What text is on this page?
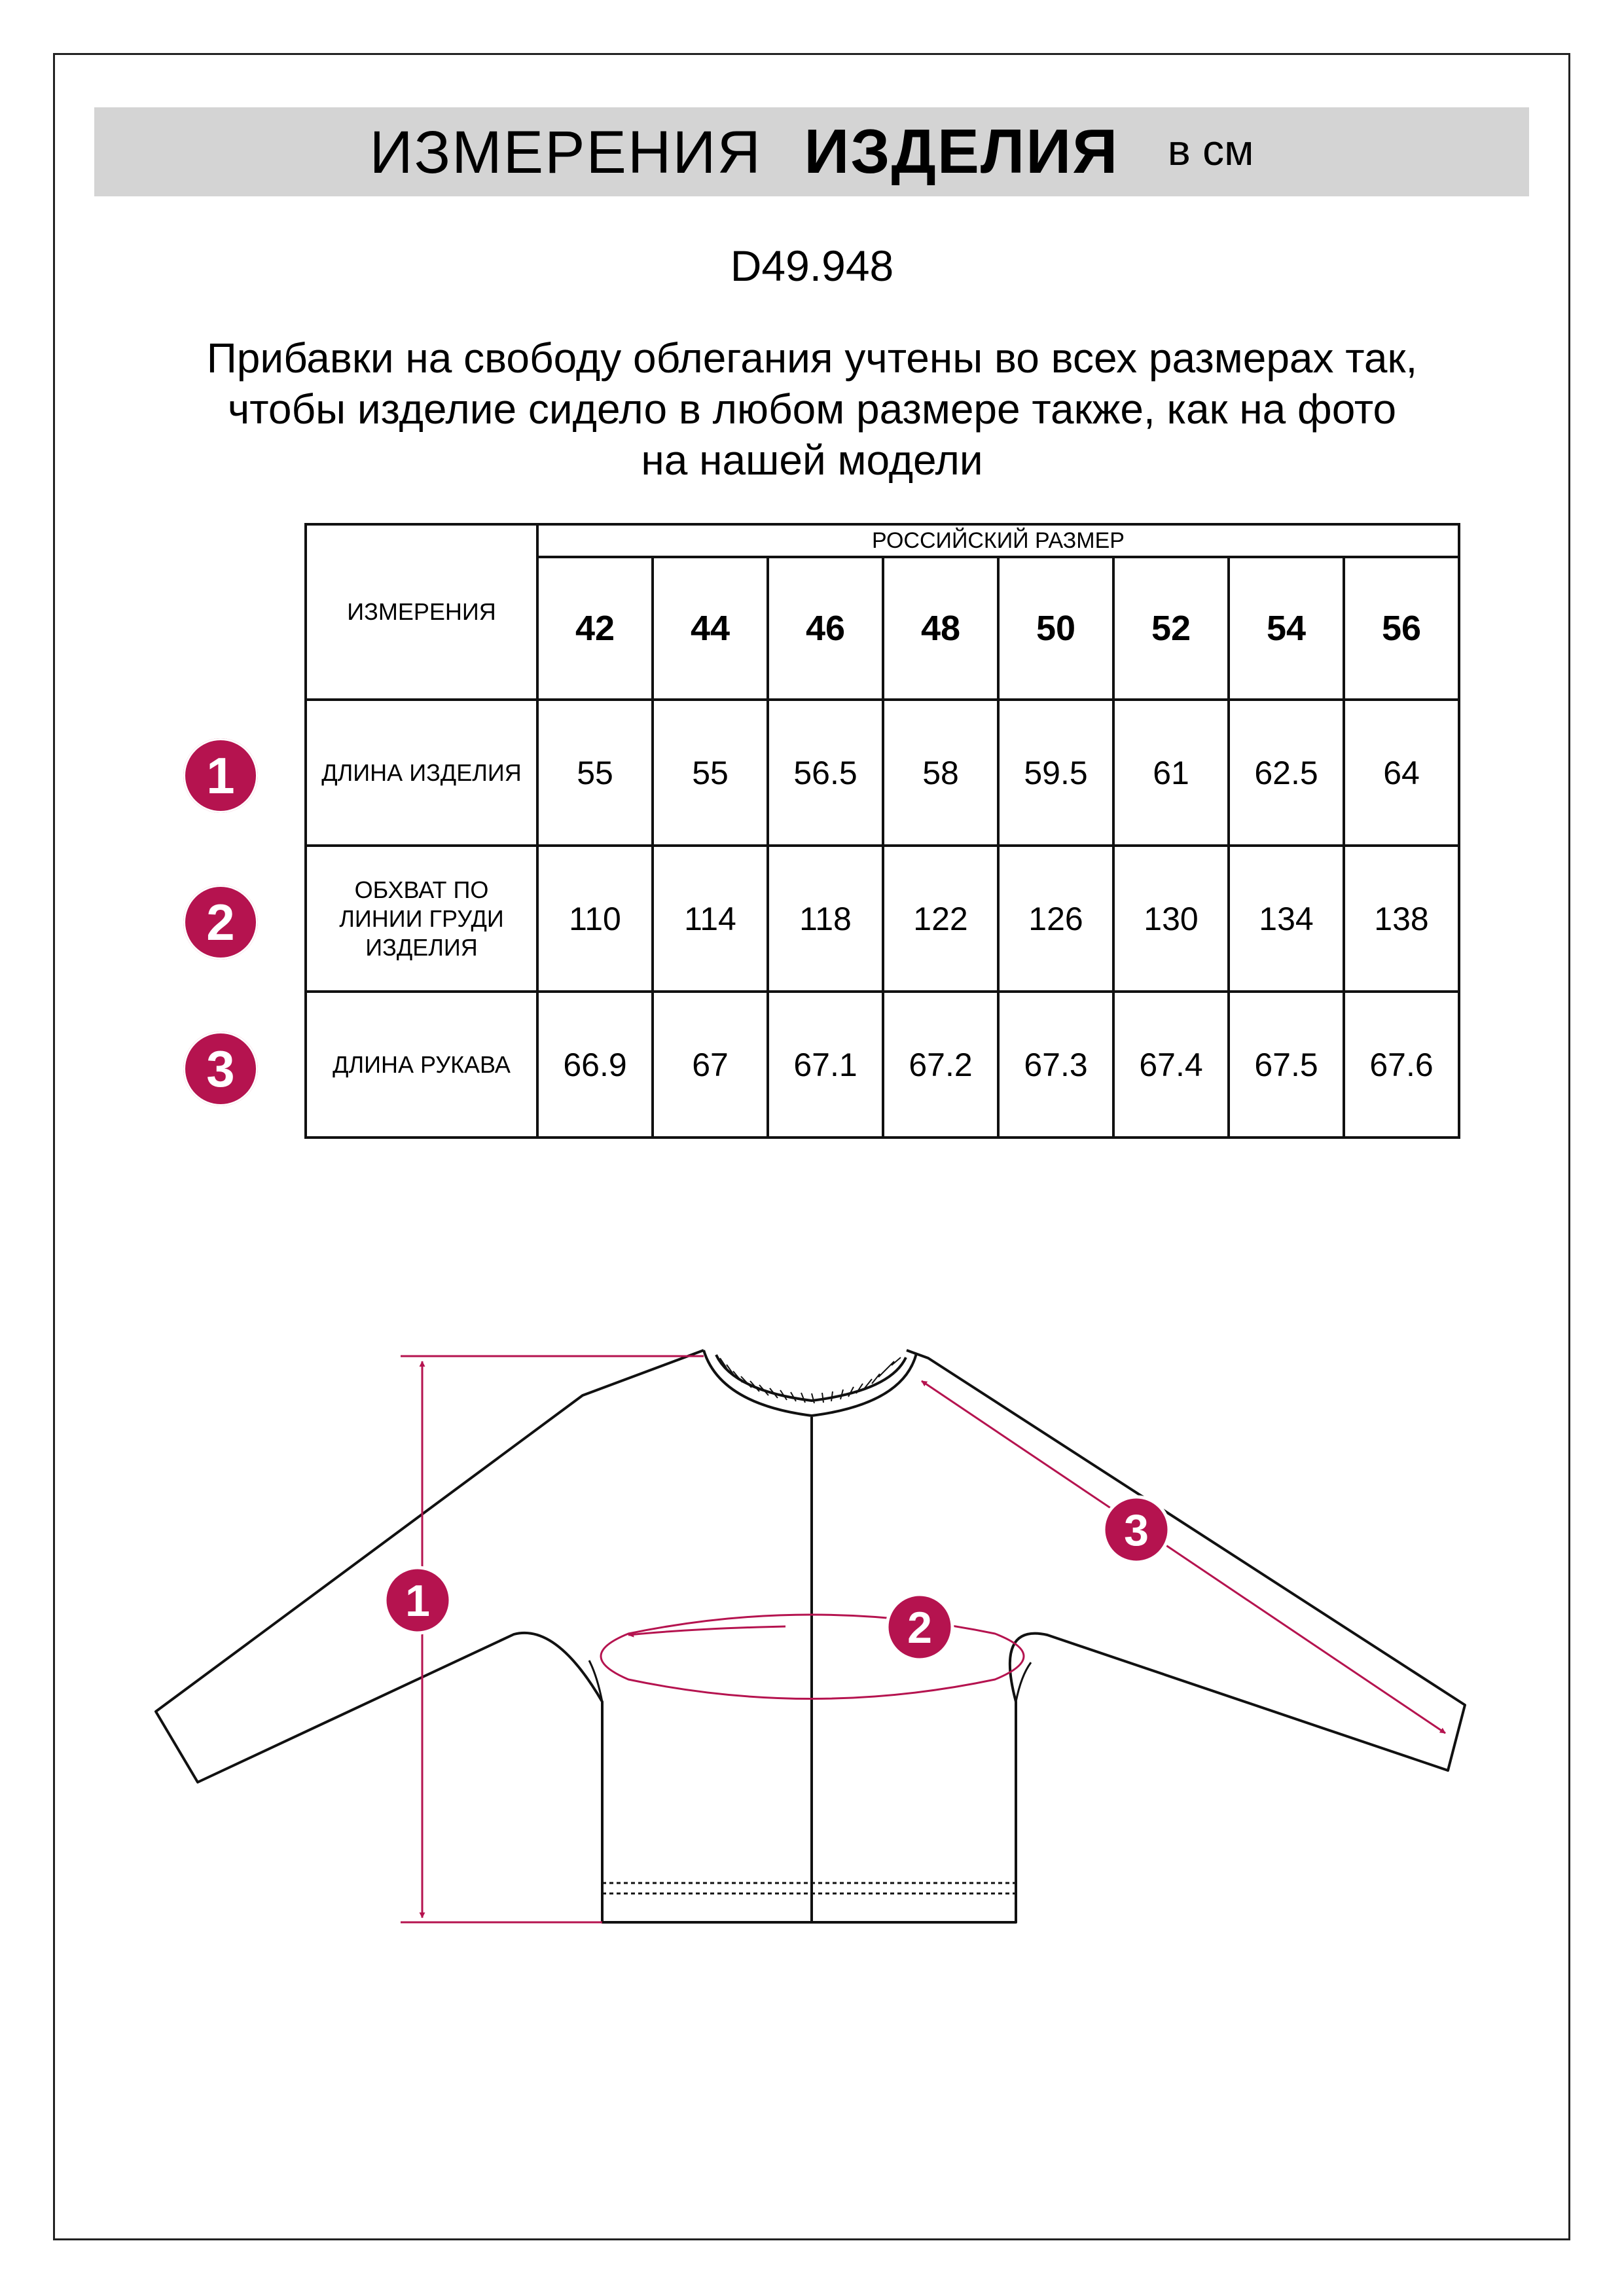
ИЗМЕРЕНИЯ ИЗДЕЛИЯ в см
D49.948
Прибавки на свободу облегания учтены во всех размерах так,
чтобы изделие сидело в любом размере также, как на фото
на нашей модели
ИЗМЕРЕНИЯ	РОССИЙСКИЙ РАЗМЕР							
	42	44	46	48	50	52	54	56
ДЛИНА ИЗДЕЛИЯ	55	55	56.5	58	59.5	61	62.5	64
ОБХВАТ ПО ЛИНИИ ГРУДИ ИЗДЕЛИЯ	110	114	118	122	126	130	134	138
ДЛИНА РУКАВА	66.9	67	67.1	67.2	67.3	67.4	67.5	67.6
1
2
3
1
2
3
